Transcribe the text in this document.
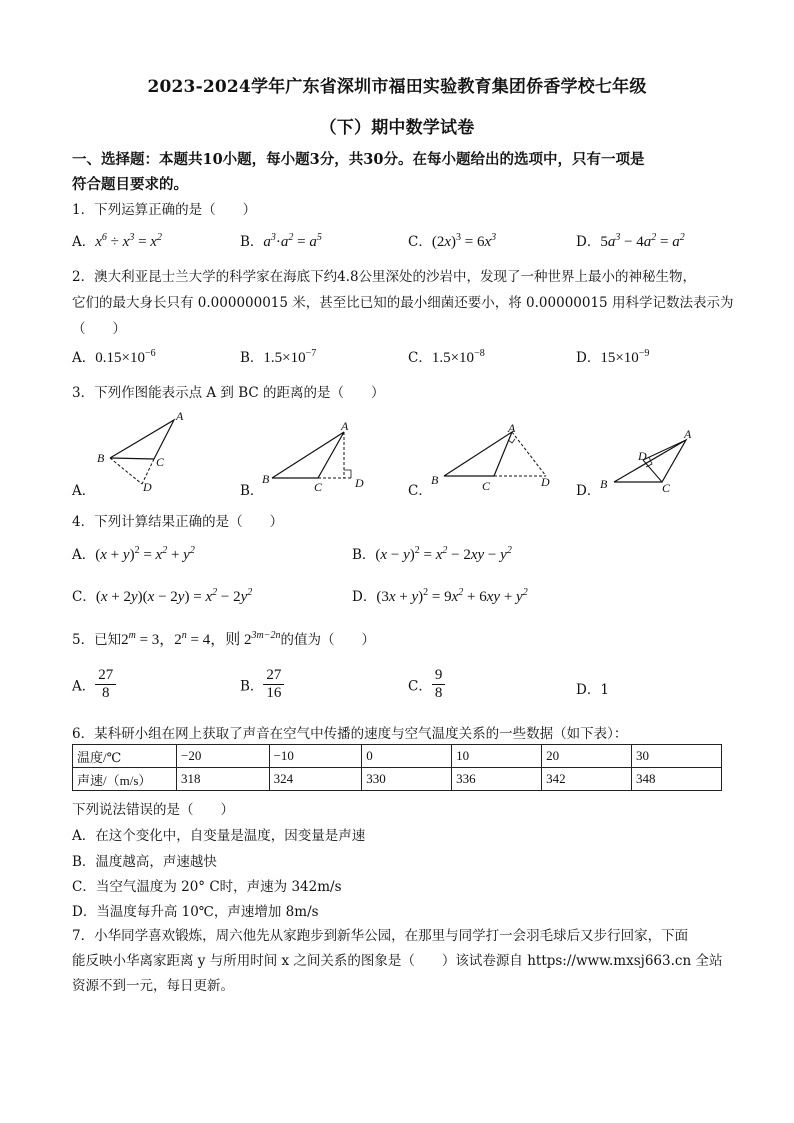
2023-2024学年广东省深圳市福田实验教育集团侨香学校七年级
（下）期中数学试卷
一、选择题：本题共10小题，每小题3分，共30分。在每小题给出的选项中，只有一项是
符合题目要求的。
1．下列运算正确的是（　　）
A．$x^6 \div x^3 = x^2$	B．$a^3\cdot a^2 = a^5$	C．$(2x)^3 = 6x^3$	D．$5a^3 - 4a^2 = a^2$
2．澳大利亚昆士兰大学的科学家在海底下约4.8公里深处的沙岩中，发现了一种世界上最小的神秘生物，
它们的最大身长只有 0.000000015 米，甚至比已知的最小细菌还要小，将 0.00000015 用科学记数法表示为
（　　）
A．$0.15\times 10^{-6}$	B．$1.5\times 10^{-7}$	C．$1.5\times 10^{-8}$	D．$15\times 10^{-9}$
3．下列作图能表示点 A 到 BC 的距离的是（　　）
A．
A
B	C
D	B．
A
B
C	D	C．
A
B	C	D
D．
A
B	C
D
4．下列计算结果正确的是（　　）
A．$(x + y)^2 = x^2 + y^2$	B．$(x - y)^2 = x^2 - 2xy - y^2$
C．$(x + 2y)(x - 2y) = x^2 - 2y^2$	D．$(3x + y)^2 = 9x^2 + 6xy + y^2$
5．已知$2^m = 3$，$2^n = 4$，则 $2^{3m-2n}$的值为（　　）
A． $\frac{27}{8}$	B． $\frac{27}{16}$	C． $\frac{9}{8}$	D．1
6．某科研小组在网上获取了声音在空气中传播的速度与空气温度关系的一些数据（如下表）：
温度/℃	−20	−10	0	10	20	30
声速/（m/s）	318	324	330	336	342	348
下列说法错误的是（　　）
A．在这个变化中，自变量是温度，因变量是声速
B．温度越高，声速越快
C．当空气温度为 20° C时，声速为 342m/s
D．当温度每升高 10℃，声速增加 8m/s
7．小华同学喜欢锻炼，周六他先从家跑步到新华公园，在那里与同学打一会羽毛球后又步行回家，下面
能反映小华离家距离 y 与所用时间 x 之间关系的图象是（　　）该试卷源自 https://www.mxsj663.cn 全站
资源不到一元，每日更新。
